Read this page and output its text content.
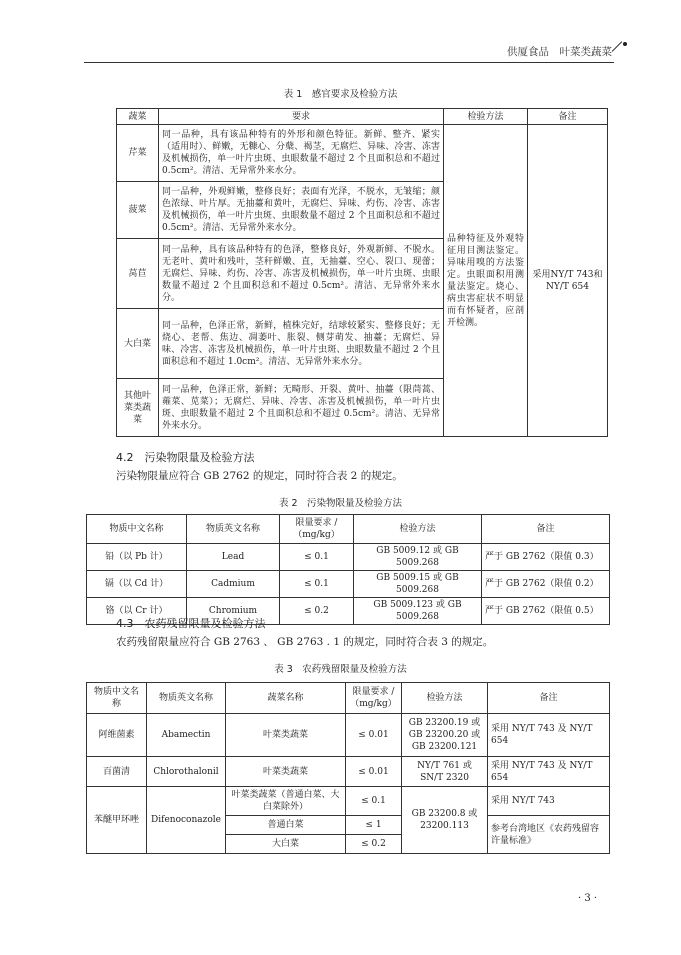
供厦食品　叶菜类蔬菜
表 1　感官要求及检验方法
蔬菜	要求	检验方法	备注
芹菜	同一品种，具有该品种特有的外形和颜色特征。新鲜、整齐、紧实（适用时）、鲜嫩，无糠心、分蘖、褐茎，无腐烂、异味、冷害、冻害及机械损伤，单一叶片虫斑、虫眼数量不超过 2 个且面积总和不超过 0.5cm²。清洁、无异常外来水分。	品种特征及外观特征用目测法鉴定。异味用嗅的方法鉴定。虫眼面积用测量法鉴定。烧心、病虫害症状不明显而有怀疑者，应剖开检测。	采用NY/T 743和 NY/T 654
菠菜	同一品种，外观鲜嫩，整修良好；表面有光泽，不脱水，无皱缩；颜色浓绿、叶片厚。无抽薹和黄叶，无腐烂、异味、灼伤、冷害、冻害及机械损伤，单一叶片虫斑、虫眼数量不超过 2 个且面积总和不超过 0.5cm²。清洁、无异常外来水分。		
莴苣	同一品种，具有该品种特有的色泽，整修良好，外观新鲜、不脱水。无老叶、黄叶和残叶，茎秆鲜嫩、直，无抽薹、空心、裂口、现蕾；无腐烂、异味、灼伤、冷害、冻害及机械损伤，单一叶片虫斑、虫眼数量不超过 2 个且面积总和不超过 0.5cm²。清洁、无异常外来水分。		
大白菜	同一品种，色泽正常，新鲜，植株完好，结球较紧实、整修良好；无烧心、老帮、焦边、凋萎叶、胀裂、侧芽萌发、抽薹；无腐烂、异味、冷害、冻害及机械损伤，单一叶片虫斑、虫眼数量不超过 2 个且面积总和不超过 1.0cm²。清洁、无异常外来水分。		
其他叶菜类蔬菜	同一品种，色泽正常，新鲜；无畸形、开裂、黄叶、抽薹（限茼蒿、蕹菜、苋菜）；无腐烂、异味、冷害、冻害及机械损伤，单一叶片虫斑、虫眼数量不超过 2 个且面积总和不超过 0.5cm²。清洁、无异常外来水分。		
4.2　污染物限量及检验方法
污染物限量应符合 GB 2762 的规定，同时符合表 2 的规定。
表 2　污染物限量及检验方法
物质中文名称	物质英文名称	限量要求 /（mg/kg）	检验方法	备注
铅（以 Pb 计）	Lead	≤ 0.1	GB 5009.12 或 GB 5009.268	严于 GB 2762（限值 0.3）
镉（以 Cd 计）	Cadmium	≤ 0.1	GB 5009.15 或 GB 5009.268	严于 GB 2762（限值 0.2）
铬（以 Cr 计）	Chromium	≤ 0.2	GB 5009.123 或 GB 5009.268	严于 GB 2762（限值 0.5）
4.3　农药残留限量及检验方法
农药残留限量应符合 GB 2763 、 GB 2763 . 1 的规定，同时符合表 3 的规定。
表 3　农药残留限量及检验方法
物质中文名称	物质英文名称	蔬菜名称	限量要求 /（mg/kg）	检验方法	备注
阿维菌素	Abamectin	叶菜类蔬菜	≤ 0.01	GB 23200.19 或 GB 23200.20 或 GB 23200.121	采用 NY/T 743 及 NY/T 654
百菌清	Chlorothalonil	叶菜类蔬菜	≤ 0.01	NY/T 761 或 SN/T 2320	采用 NY/T 743 及 NY/T 654
苯醚甲环唑	Difenoconazole	叶菜类蔬菜（普通白菜、大白菜除外）	≤ 0.1	GB 23200.8 或 23200.113	采用 NY/T 743
		普通白菜	≤ 1		参考台湾地区《农药残留容许量标准》
		大白菜	≤ 0.2		
· 3 ·
